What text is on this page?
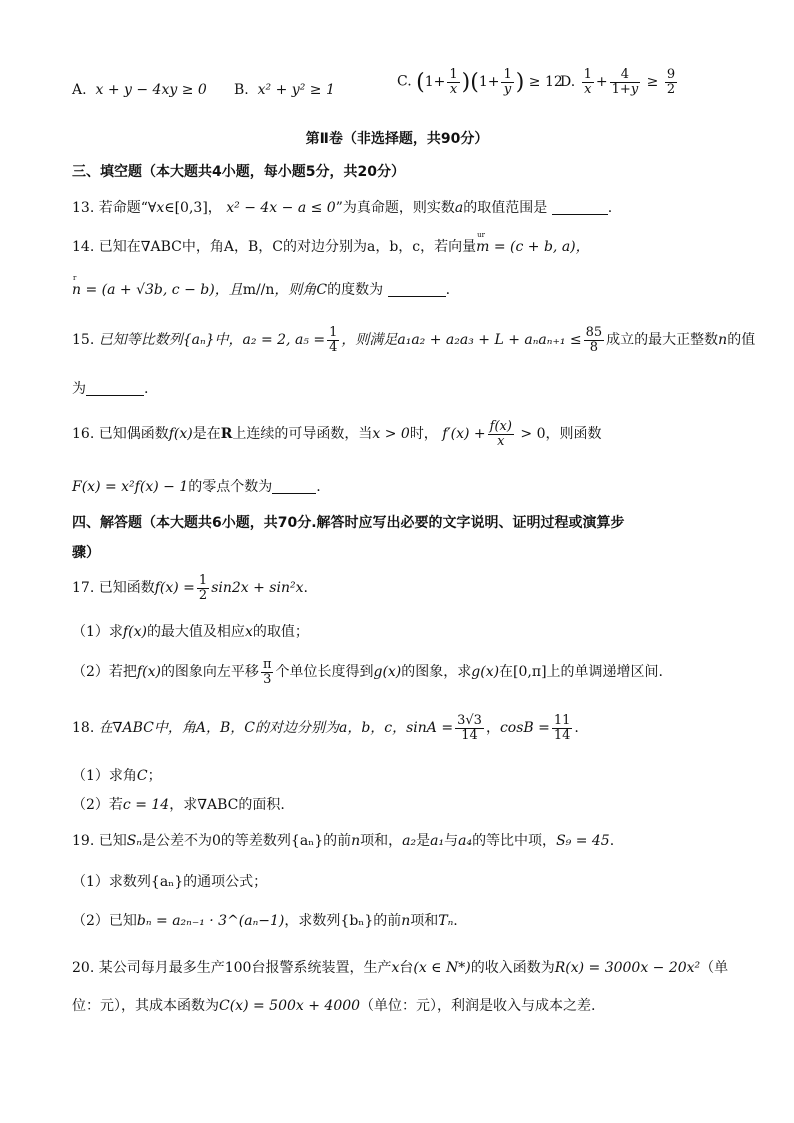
A. x + y − 4xy ≥ 0 B. x² + y² ≥ 1
C. $(1+ \frac{1}{x} )(1+ \frac{1}{y}$ ) ≥ 12
D. $\frac{1}{x} + \frac{4}{1+y} \ge \frac{9}{2}$
第Ⅱ卷（非选择题，共90分）
三、填空题（本大题共4小题，每小题5分，共20分）
13. 若命题“∀x∈[0,3]， x² − 4x − a ≤ 0”为真命题，则实数a的取值范围是	.
14. 已知在∇ABC中，角A，B，C的对边分别为a，b，c，若向量ur m = (c + b, a)，
r n = (a + √3b, c − b)，且m//n，则角C的度数为	.
15. 已知等比数列{aₙ}中，a₂ = 2, $a_5 = \frac{1}{4}$ ，则满足$a_1a_2 + a_2a_3 + L + a_na_{n+1} \le \frac{85}{8}$ 成立的最大正整数n的值
为	.
16. 已知偶函数f(x)是在R上连续的可导函数，当x > 0时， $f'(x) + \frac{f(x)}{x} > 0$，则函数
F(x) = x²f(x) − 1的零点个数为	.
四、解答题（本大题共6小题，共70分.解答时应写出必要的文字说明、证明过程或演算步
骤）
17. 已知函数$f(x) = \frac{1}{2} \sin 2x + \sin^2x$.
（1）求f(x)的最大值及相应x的取值；
（2）若把f(x)的图象向左平移 $\frac{\pi}{3}$ 个单位长度得到g(x)的图象，求g(x)在[0,π]上的单调递增区间.
18. 在∇ABC中，角A，B，C的对边分别为a，b，c，$\sin A = \frac{3√3}{14}$ ，$\cos B = \frac{11}{14}$ .
（1）求角C；
（2）若c = 14，求∇ABC的面积.
19. 已知Sₙ是公差不为0的等差数列{aₙ}的前n项和，a₂是a₁与a₄的等比中项，S₉ = 45.
（1）求数列{aₙ}的通项公式；
（2）已知bₙ = a₂ₙ₋₁ · 3^(aₙ−1)，求数列{bₙ}的前n项和Tₙ.
20. 某公司每月最多生产100台报警系统装置，生产x台(x ∈ N*)的收入函数为R(x) = 3000x − 20x²（单
位：元），其成本函数为C(x) = 500x + 4000（单位：元），利润是收入与成本之差.
